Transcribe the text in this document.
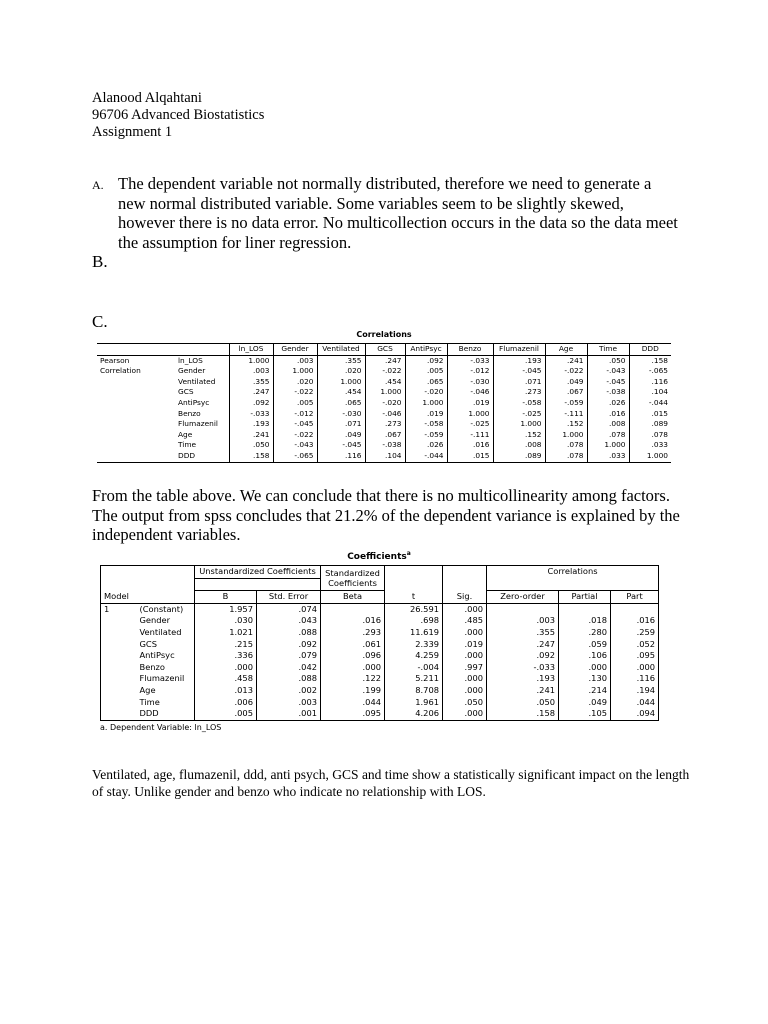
Alanood Alqahtani
96706 Advanced Biostatistics
Assignment 1
A. The dependent variable not normally distributed, therefore we need to generate a new normal distributed variable. Some variables seem to be slightly skewed, however there is no data error. No multicollection occurs in the data so the data meet the assumption for liner regression.
B.
C.
Correlations
		ln_LOS	Gender	Ventilated	GCS	AntiPsyc	Benzo	Flumazenil	Age	Time	DDD
Pearson	ln_LOS	1.000	.003	.355	.247	.092	-.033	.193	.241	.050	.158
Correlation	Gender	.003	1.000	.020	-.022	.005	-.012	-.045	-.022	-.043	-.065
	Ventilated	.355	.020	1.000	.454	.065	-.030	.071	.049	-.045	.116
	GCS	.247	-.022	.454	1.000	-.020	-.046	.273	.067	-.038	.104
	AntiPsyc	.092	.005	.065	-.020	1.000	.019	-.058	-.059	.026	-.044
	Benzo	-.033	-.012	-.030	-.046	.019	1.000	-.025	-.111	.016	.015
	Flumazenil	.193	-.045	.071	.273	-.058	-.025	1.000	.152	.008	.089
	Age	.241	-.022	.049	.067	-.059	-.111	.152	1.000	.078	.078
	Time	.050	-.043	-.045	-.038	.026	.016	.008	.078	1.000	.033
	DDD	.158	-.065	.116	.104	-.044	.015	.089	.078	.033	1.000
From the table above. We can conclude that there is no multicollinearity among factors. The output from spss concludes that 21.2% of the dependent variance is explained by the independent variables.
Coefficients$^a$
		Unstandardized Coefficients		Standardized			Correlations		
				Coefficients					
Model		B	Std. Error	Beta	t	Sig.	Zero-order	Partial	Part
1	(Constant)	1.957	.074		26.591	.000			
	Gender	.030	.043	.016	.698	.485	.003	.018	.016
	Ventilated	1.021	.088	.293	11.619	.000	.355	.280	.259
	GCS	.215	.092	.061	2.339	.019	.247	.059	.052
	AntiPsyc	.336	.079	.096	4.259	.000	.092	.106	.095
	Benzo	.000	.042	.000	-.004	.997	-.033	.000	.000
	Flumazenil	.458	.088	.122	5.211	.000	.193	.130	.116
	Age	.013	.002	.199	8.708	.000	.241	.214	.194
	Time	.006	.003	.044	1.961	.050	.050	.049	.044
	DDD	.005	.001	.095	4.206	.000	.158	.105	.094
a. Dependent Variable: ln_LOS
Ventilated, age, flumazenil, ddd, anti psych, GCS and time show a statistically significant impact on the length of stay. Unlike gender and benzo who indicate no relationship with LOS.
